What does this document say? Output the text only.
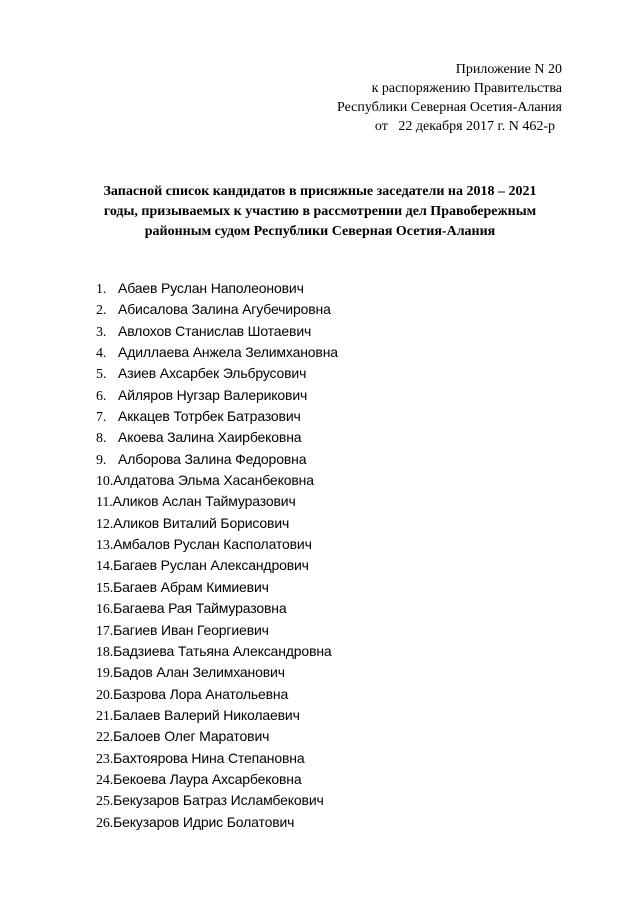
Приложение N 20
к распоряжению Правительства
Республики Северная Осетия-Алания
от   22 декабря 2017 г. N 462-р
Запасной список кандидатов в присяжные заседатели на 2018 – 2021
годы, призываемых к участию в рассмотрении дел Правобережным
районным судом Республики Северная Осетия-Алания
1. Абаев Руслан Наполеонович
2. Абисалова Залина Агубечировна
3. Авлохов Станислав Шотаевич
4. Адиллаева Анжела Зелимхановна
5. Азиев Ахсарбек Эльбрусович
6. Айляров Нугзар Валерикович
7. Аккацев Тотрбек Батразович
8. Акоева Залина Хаирбековна
9. Алборова Залина Федоровна
10.Алдатова Эльма Хасанбековна
11.Аликов Аслан Таймуразович
12.Аликов Виталий Борисович
13.Амбалов Руслан Касполатович
14.Багаев Руслан Александрович
15.Багаев Абрам Кимиевич
16.Багаева Рая Таймуразовна
17.Багиев Иван Георгиевич
18.Бадзиева Татьяна Александровна
19.Бадов Алан Зелимханович
20.Базрова Лора Анатольевна
21.Балаев Валерий Николаевич
22.Балоев Олег Маратович
23.Бахтоярова Нина Степановна
24.Бекоева Лаура Ахсарбековна
25.Бекузаров Батраз Исламбекович
26.Бекузаров Идрис Болатович
